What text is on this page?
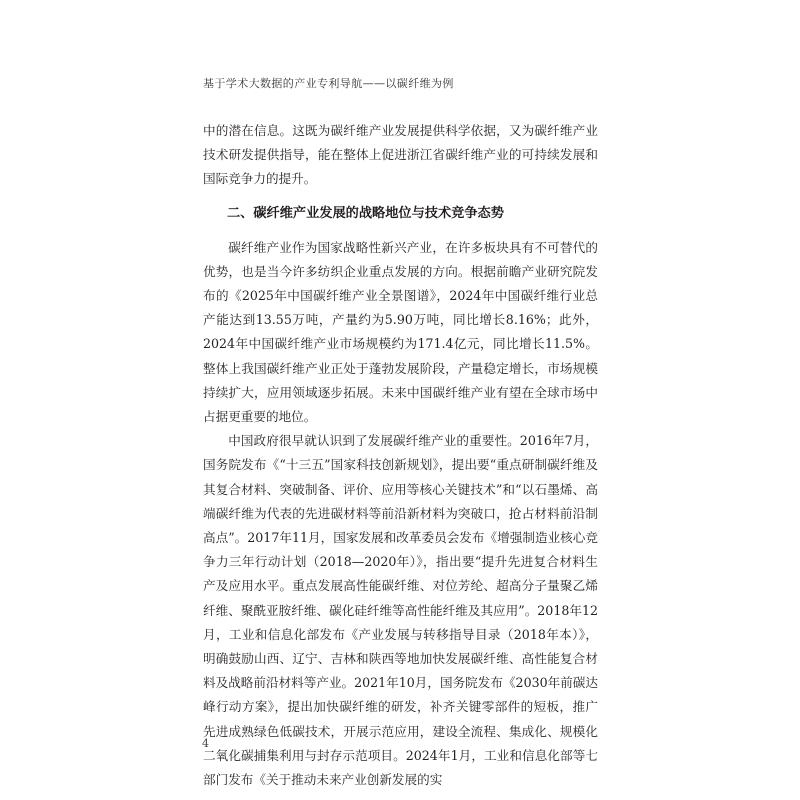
基于学术大数据的产业专利导航——以碳纤维为例

中的潜在信息。这既为碳纤维产业发展提供科学依据，又为碳纤维产业技术研发提供指导，能在整体上促进浙江省碳纤维产业的可持续发展和国际竞争力的提升。

二、碳纤维产业发展的战略地位与技术竞争态势

碳纤维产业作为国家战略性新兴产业，在许多板块具有不可替代的优势，也是当今许多纺织企业重点发展的方向。根据前瞻产业研究院发布的《2025年中国碳纤维产业全景图谱》，2024年中国碳纤维行业总产能达到13.55万吨，产量约为5.90万吨，同比增长8.16%；此外，2024年中国碳纤维产业市场规模约为171.4亿元，同比增长11.5%。整体上我国碳纤维产业正处于蓬勃发展阶段，产量稳定增长，市场规模持续扩大，应用领域逐步拓展。未来中国碳纤维产业有望在全球市场中占据更重要的地位。

中国政府很早就认识到了发展碳纤维产业的重要性。2016年7月，国务院发布《“十三五”国家科技创新规划》，提出要“重点研制碳纤维及其复合材料、突破制备、评价、应用等核心关键技术”和“以石墨烯、高端碳纤维为代表的先进碳材料等前沿新材料为突破口，抢占材料前沿制高点”。2017年11月，国家发展和改革委员会发布《增强制造业核心竞争力三年行动计划（2018—2020年）》，指出要“提升先进复合材料生产及应用水平。重点发展高性能碳纤维、对位芳纶、超高分子量聚乙烯纤维、聚酰亚胺纤维、碳化硅纤维等高性能纤维及其应用”。2018年12月，工业和信息化部发布《产业发展与转移指导目录（2018年本）》，明确鼓励山西、辽宁、吉林和陕西等地加快发展碳纤维、高性能复合材料及战略前沿材料等产业。2021年10月，国务院发布《2030年前碳达峰行动方案》，提出加快碳纤维的研发，补齐关键零部件的短板，推广先进成熟绿色低碳技术，开展示范应用，建设全流程、集成化、规模化二氧化碳捕集利用与封存示范项目。2024年1月，工业和信息化部等七部门发布《关于推动未来产业创新发展的实

4
